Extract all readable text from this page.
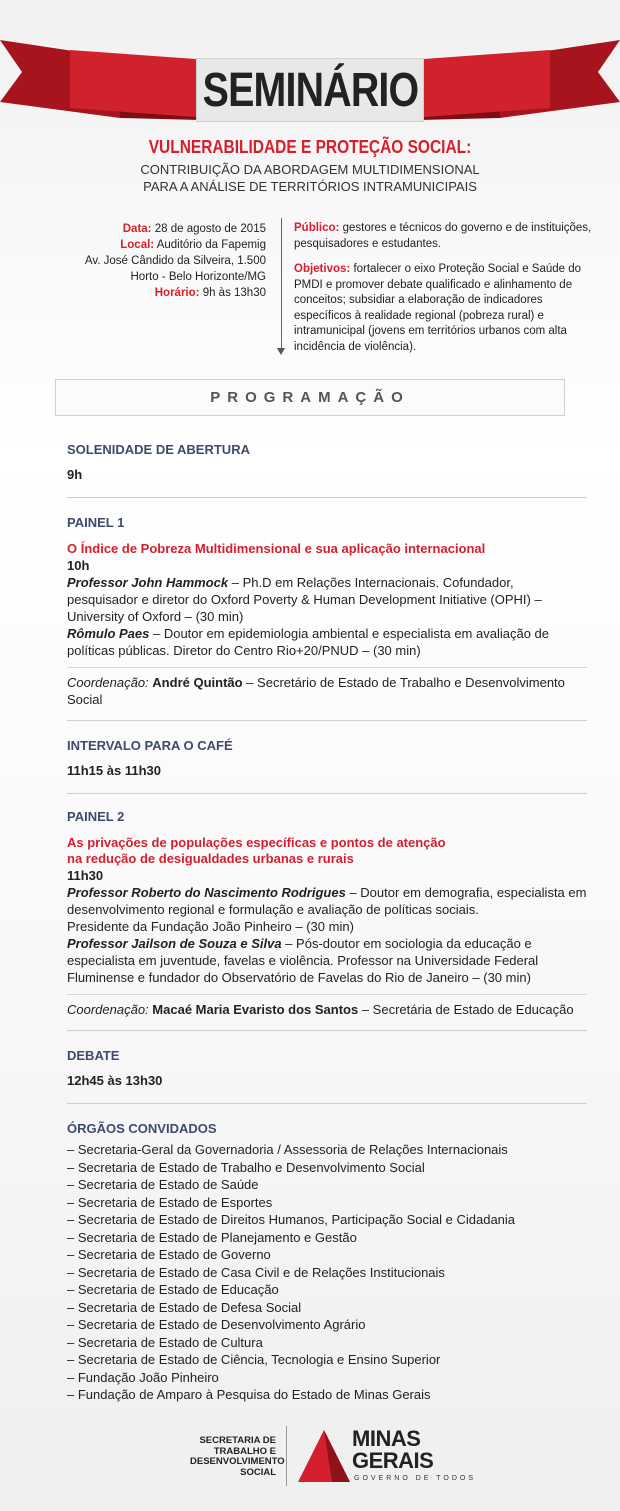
SEMINÁRIO
VULNERABILIDADE E PROTEÇÃO SOCIAL:
CONTRIBUIÇÃO DA ABORDAGEM MULTIDIMENSIONAL
PARA A ANÁLISE DE TERRITÓRIOS INTRAMUNICIPAIS
Data: 28 de agosto de 2015
Local: Auditório da Fapemig
Av. José Cândido da Silveira, 1.500
Horto - Belo Horizonte/MG
Horário: 9h às 13h30

Público: gestores e técnicos do governo e de instituições, pesquisadores e estudantes.

Objetivos: fortalecer o eixo Proteção Social e Saúde do PMDI e promover debate qualificado e alinhamento de conceitos; subsidiar a elaboração de indicadores específicos à realidade regional (pobreza rural) e intramunicipal (jovens em territórios urbanos com alta incidência de violência).

PROGRAMAÇÃO
SOLENIDADE DE ABERTURA
9h
PAINEL 1
O Índice de Pobreza Multidimensional e sua aplicação internacional
10h
Professor John Hammock – Ph.D em Relações Internacionais. Cofundador, pesquisador e diretor do Oxford Poverty & Human Development Initiative (OPHI) –
University of Oxford – (30 min)
Rômulo Paes – Doutor em epidemiologia ambiental e especialista em avaliação de políticas públicas. Diretor do Centro Rio+20/PNUD – (30 min)
Coordenação: André Quintão – Secretário de Estado de Trabalho e Desenvolvimento Social
INTERVALO PARA O CAFÉ
11h15 às 11h30
PAINEL 2
As privações de populações específicas e pontos de atenção
na redução de desigualdades urbanas e rurais
11h30
Professor Roberto do Nascimento Rodrigues – Doutor em demografia, especialista em desenvolvimento regional e formulação e avaliação de políticas sociais.
Presidente da Fundação João Pinheiro – (30 min)
Professor Jailson de Souza e Silva – Pós-doutor em sociologia da educação e especialista em juventude, favelas e violência. Professor na Universidade Federal Fluminense e fundador do Observatório de Favelas do Rio de Janeiro – (30 min)
Coordenação: Macaé Maria Evaristo dos Santos – Secretária de Estado de Educação
DEBATE
12h45 às 13h30
ÓRGÃOS CONVIDADOS
– Secretaria-Geral da Governadoria / Assessoria de Relações Internacionais
– Secretaria de Estado de Trabalho e Desenvolvimento Social
– Secretaria de Estado de Saúde
– Secretaria de Estado de Esportes
– Secretaria de Estado de Direitos Humanos, Participação Social e Cidadania
– Secretaria de Estado de Planejamento e Gestão
– Secretaria de Estado de Governo
– Secretaria de Estado de Casa Civil e de Relações Institucionais
– Secretaria de Estado de Educação
– Secretaria de Estado de Defesa Social
– Secretaria de Estado de Desenvolvimento Agrário
– Secretaria de Estado de Cultura
– Secretaria de Estado de Ciência, Tecnologia e Ensino Superior
– Fundação João Pinheiro
– Fundação de Amparo à Pesquisa do Estado de Minas Gerais
SECRETARIA DE
TRABALHO E
DESENVOLVIMENTO
SOCIAL
MINAS
GERAIS
GOVERNO DE TODOS
